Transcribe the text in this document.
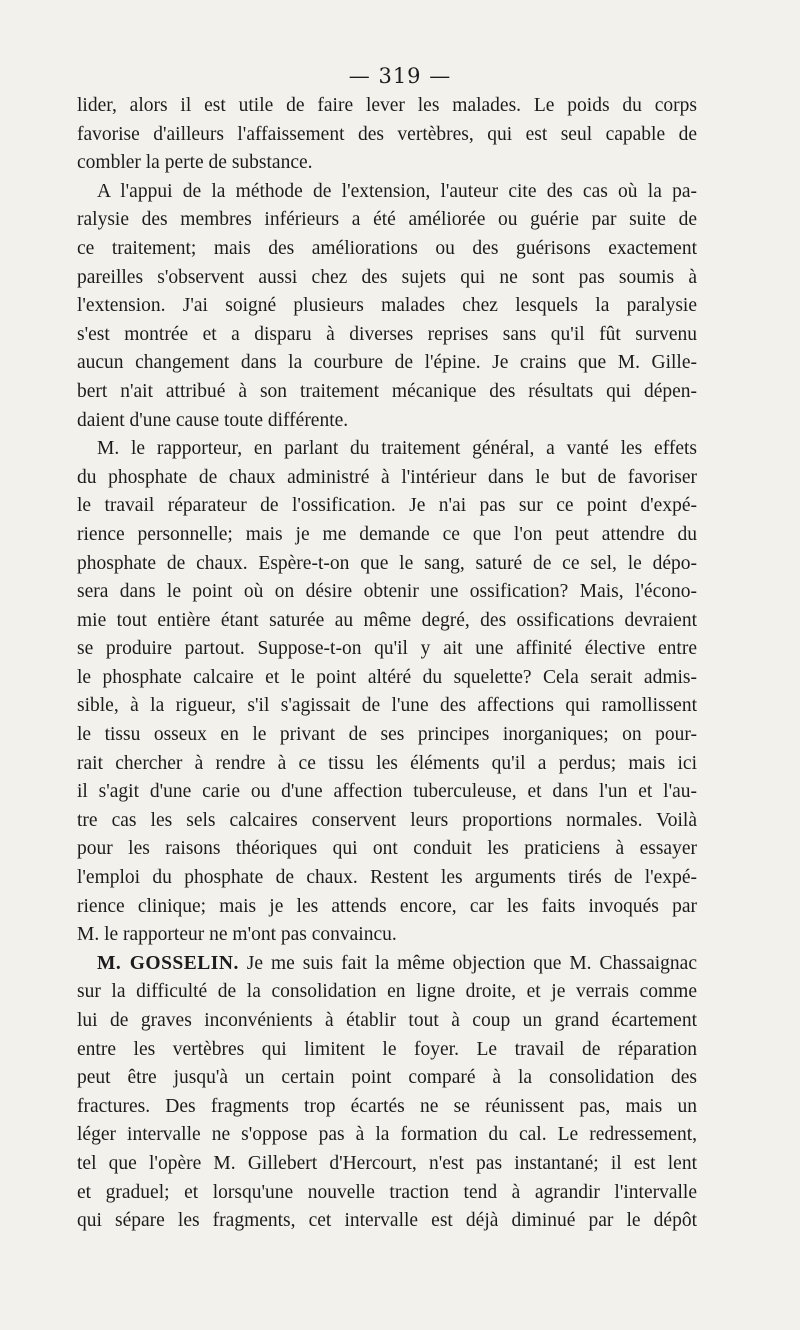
— 319 —
lider, alors il est utile de faire lever les malades. Le poids du corps
favorise d'ailleurs l'affaissement des vertèbres, qui est seul capable de
combler la perte de substance.
A l'appui de la méthode de l'extension, l'auteur cite des cas où la pa-
ralysie des membres inférieurs a été améliorée ou guérie par suite de
ce traitement; mais des améliorations ou des guérisons exactement
pareilles s'observent aussi chez des sujets qui ne sont pas soumis à
l'extension. J'ai soigné plusieurs malades chez lesquels la paralysie
s'est montrée et a disparu à diverses reprises sans qu'il fût survenu
aucun changement dans la courbure de l'épine. Je crains que M. Gille-
bert n'ait attribué à son traitement mécanique des résultats qui dépen-
daient d'une cause toute différente.
M. le rapporteur, en parlant du traitement général, a vanté les effets
du phosphate de chaux administré à l'intérieur dans le but de favoriser
le travail réparateur de l'ossification. Je n'ai pas sur ce point d'expé-
rience personnelle; mais je me demande ce que l'on peut attendre du
phosphate de chaux. Espère-t-on que le sang, saturé de ce sel, le dépo-
sera dans le point où on désire obtenir une ossification? Mais, l'écono-
mie tout entière étant saturée au même degré, des ossifications devraient
se produire partout. Suppose-t-on qu'il y ait une affinité élective entre
le phosphate calcaire et le point altéré du squelette? Cela serait admis-
sible, à la rigueur, s'il s'agissait de l'une des affections qui ramollissent
le tissu osseux en le privant de ses principes inorganiques; on pour-
rait chercher à rendre à ce tissu les éléments qu'il a perdus; mais ici
il s'agit d'une carie ou d'une affection tuberculeuse, et dans l'un et l'au-
tre cas les sels calcaires conservent leurs proportions normales. Voilà
pour les raisons théoriques qui ont conduit les praticiens à essayer
l'emploi du phosphate de chaux. Restent les arguments tirés de l'expé-
rience clinique; mais je les attends encore, car les faits invoqués par
M. le rapporteur ne m'ont pas convaincu.
M. GOSSELIN. Je me suis fait la même objection que M. Chassaignac
sur la difficulté de la consolidation en ligne droite, et je verrais comme
lui de graves inconvénients à établir tout à coup un grand écartement
entre les vertèbres qui limitent le foyer. Le travail de réparation
peut être jusqu'à un certain point comparé à la consolidation des
fractures. Des fragments trop écartés ne se réunissent pas, mais un
léger intervalle ne s'oppose pas à la formation du cal. Le redressement,
tel que l'opère M. Gillebert d'Hercourt, n'est pas instantané; il est lent
et graduel; et lorsqu'une nouvelle traction tend à agrandir l'intervalle
qui sépare les fragments, cet intervalle est déjà diminué par le dépôt
